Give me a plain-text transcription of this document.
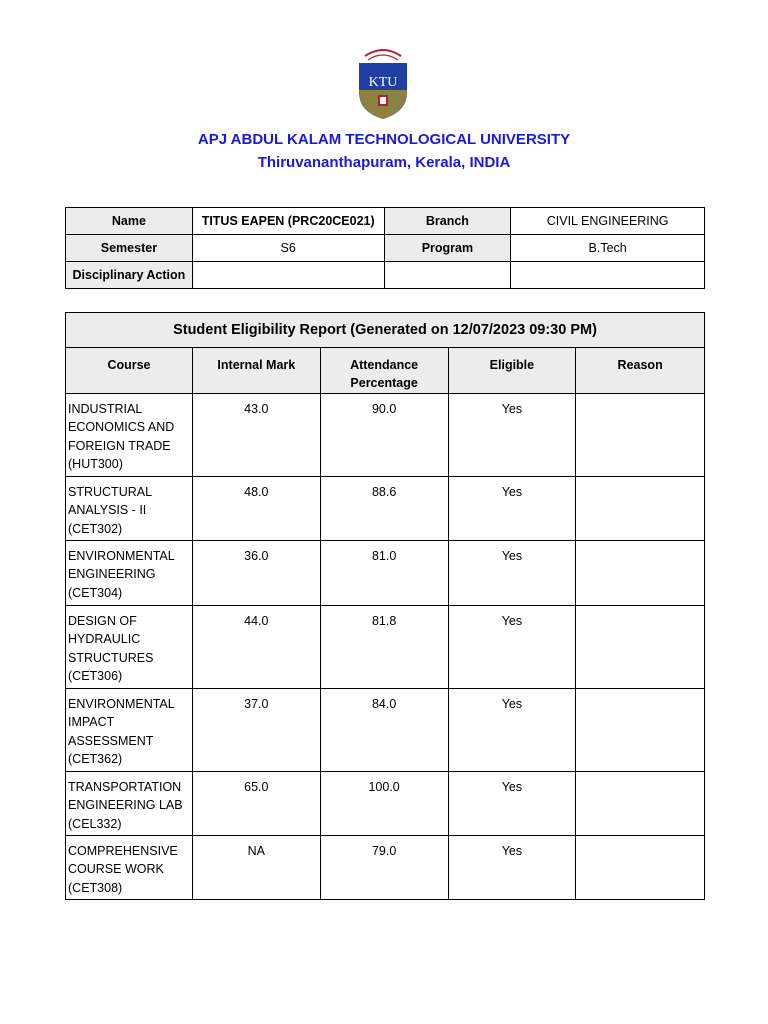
KTU
APJ ABDUL KALAM TECHNOLOGICAL UNIVERSITY
Thiruvananthapuram, Kerala, INDIA
Name	TITUS EAPEN (PRC20CE021)	Branch	CIVIL ENGINEERING
Semester	S6	Program	B.Tech
Disciplinary Action			
Student Eligibility Report (Generated on 12/07/2023 09:30 PM)				
Course	Internal Mark	Attendance Percentage	Eligible	Reason
INDUSTRIAL ECONOMICS AND FOREIGN TRADE (HUT300)	43.0	90.0	Yes	
STRUCTURAL ANALYSIS - II (CET302)	48.0	88.6	Yes	
ENVIRONMENTAL ENGINEERING (CET304)	36.0	81.0	Yes	
DESIGN OF HYDRAULIC STRUCTURES (CET306)	44.0	81.8	Yes	
ENVIRONMENTAL IMPACT ASSESSMENT (CET362)	37.0	84.0	Yes	
TRANSPORTATION ENGINEERING LAB (CEL332)	65.0	100.0	Yes	
COMPREHENSIVE COURSE WORK (CET308)	NA	79.0	Yes	
